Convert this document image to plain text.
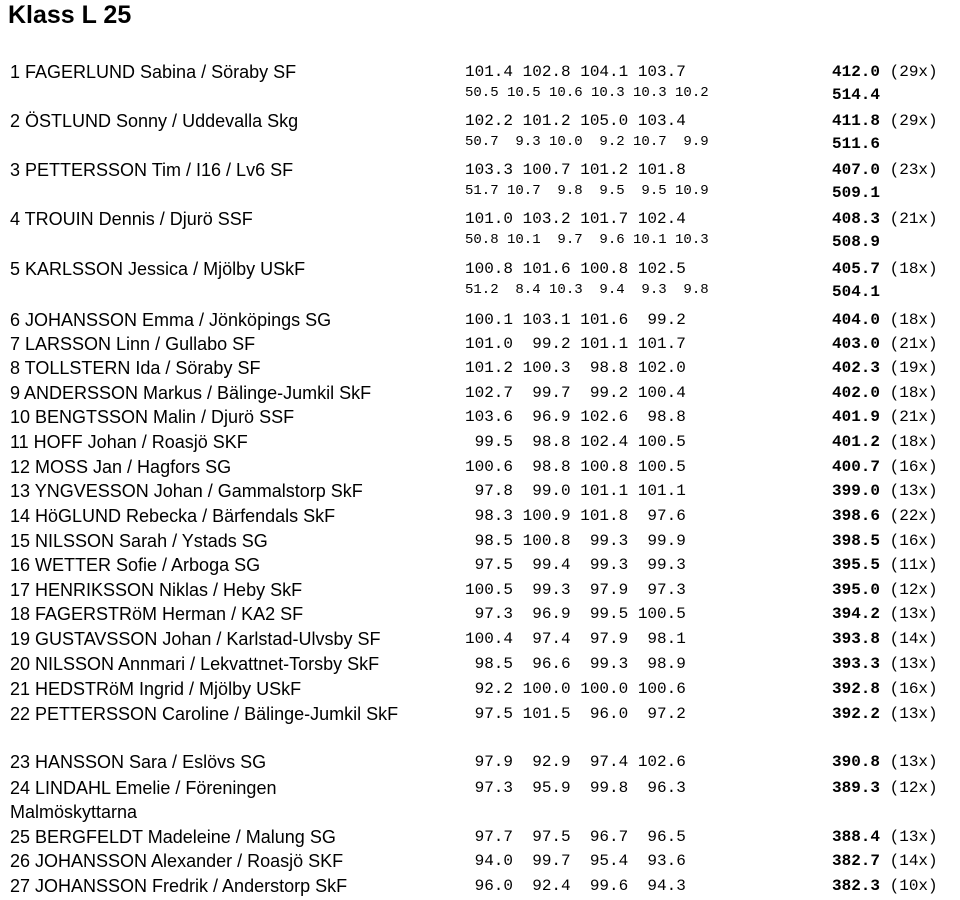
Klass L 25
1 FAGERLUND Sabina / Söraby SF	101.4 102.8 104.1 103.7	412.0 (29x)
50.5 10.5 10.6 10.3 10.3 10.2	514.4
2 ÖSTLUND Sonny / Uddevalla Skg	102.2 101.2 105.0 103.4	411.8 (29x)
50.7  9.3 10.0  9.2 10.7  9.9	511.6
3 PETTERSSON Tim / I16 / Lv6 SF	103.3 100.7 101.2 101.8	407.0 (23x)
51.7 10.7  9.8  9.5  9.5 10.9	509.1
4 TROUIN Dennis / Djurö SSF	101.0 103.2 101.7 102.4	408.3 (21x)
50.8 10.1  9.7  9.6 10.1 10.3	508.9
5 KARLSSON Jessica / Mjölby USkF	100.8 101.6 100.8 102.5	405.7 (18x)
51.2  8.4 10.3  9.4  9.3  9.8	504.1
6 JOHANSSON Emma / Jönköpings SG	100.1 103.1 101.6  99.2	404.0 (18x)
7 LARSSON Linn / Gullabo SF	101.0  99.2 101.1 101.7	403.0 (21x)
8 TOLLSTERN Ida / Söraby SF	101.2 100.3  98.8 102.0	402.3 (19x)
9 ANDERSSON Markus / Bälinge-Jumkil SkF	102.7  99.7  99.2 100.4	402.0 (18x)
10 BENGTSSON Malin / Djurö SSF	103.6  96.9 102.6  98.8	401.9 (21x)
11 HOFF Johan / Roasjö SKF	99.5  98.8 102.4 100.5	401.2 (18x)
12 MOSS Jan / Hagfors SG	100.6  98.8 100.8 100.5	400.7 (16x)
13 YNGVESSON Johan / Gammalstorp SkF	97.8  99.0 101.1 101.1	399.0 (13x)
14 HöGLUND Rebecka / Bärfendals SkF	98.3 100.9 101.8  97.6	398.6 (22x)
15 NILSSON Sarah / Ystads SG	98.5 100.8  99.3  99.9	398.5 (16x)
16 WETTER Sofie / Arboga SG	97.5  99.4  99.3  99.3	395.5 (11x)
17 HENRIKSSON Niklas / Heby SkF	100.5  99.3  97.9  97.3	395.0 (12x)
18 FAGERSTRöM Herman / KA2 SF	97.3  96.9  99.5 100.5	394.2 (13x)
19 GUSTAVSSON Johan / Karlstad-Ulvsby SF	100.4  97.4  97.9  98.1	393.8 (14x)
20 NILSSON Annmari / Lekvattnet-Torsby SkF	98.5  96.6  99.3  98.9	393.3 (13x)
21 HEDSTRöM Ingrid / Mjölby USkF	92.2 100.0 100.0 100.6	392.8 (16x)
22 PETTERSSON Caroline / Bälinge-Jumkil SkF	97.5 101.5  96.0  97.2	392.2 (13x)
23 HANSSON Sara / Eslövs SG	97.9  92.9  97.4 102.6	390.8 (13x)
24 LINDAHL Emelie / Föreningen Malmöskyttarna
97.3  95.9  99.8  96.3	389.3 (12x)
25 BERGFELDT Madeleine / Malung SG	97.7  97.5  96.7  96.5	388.4 (13x)
26 JOHANSSON Alexander / Roasjö SKF	94.0  99.7  95.4  93.6	382.7 (14x)
27 JOHANSSON Fredrik / Anderstorp SkF	96.0  92.4  99.6  94.3	382.3 (10x)
